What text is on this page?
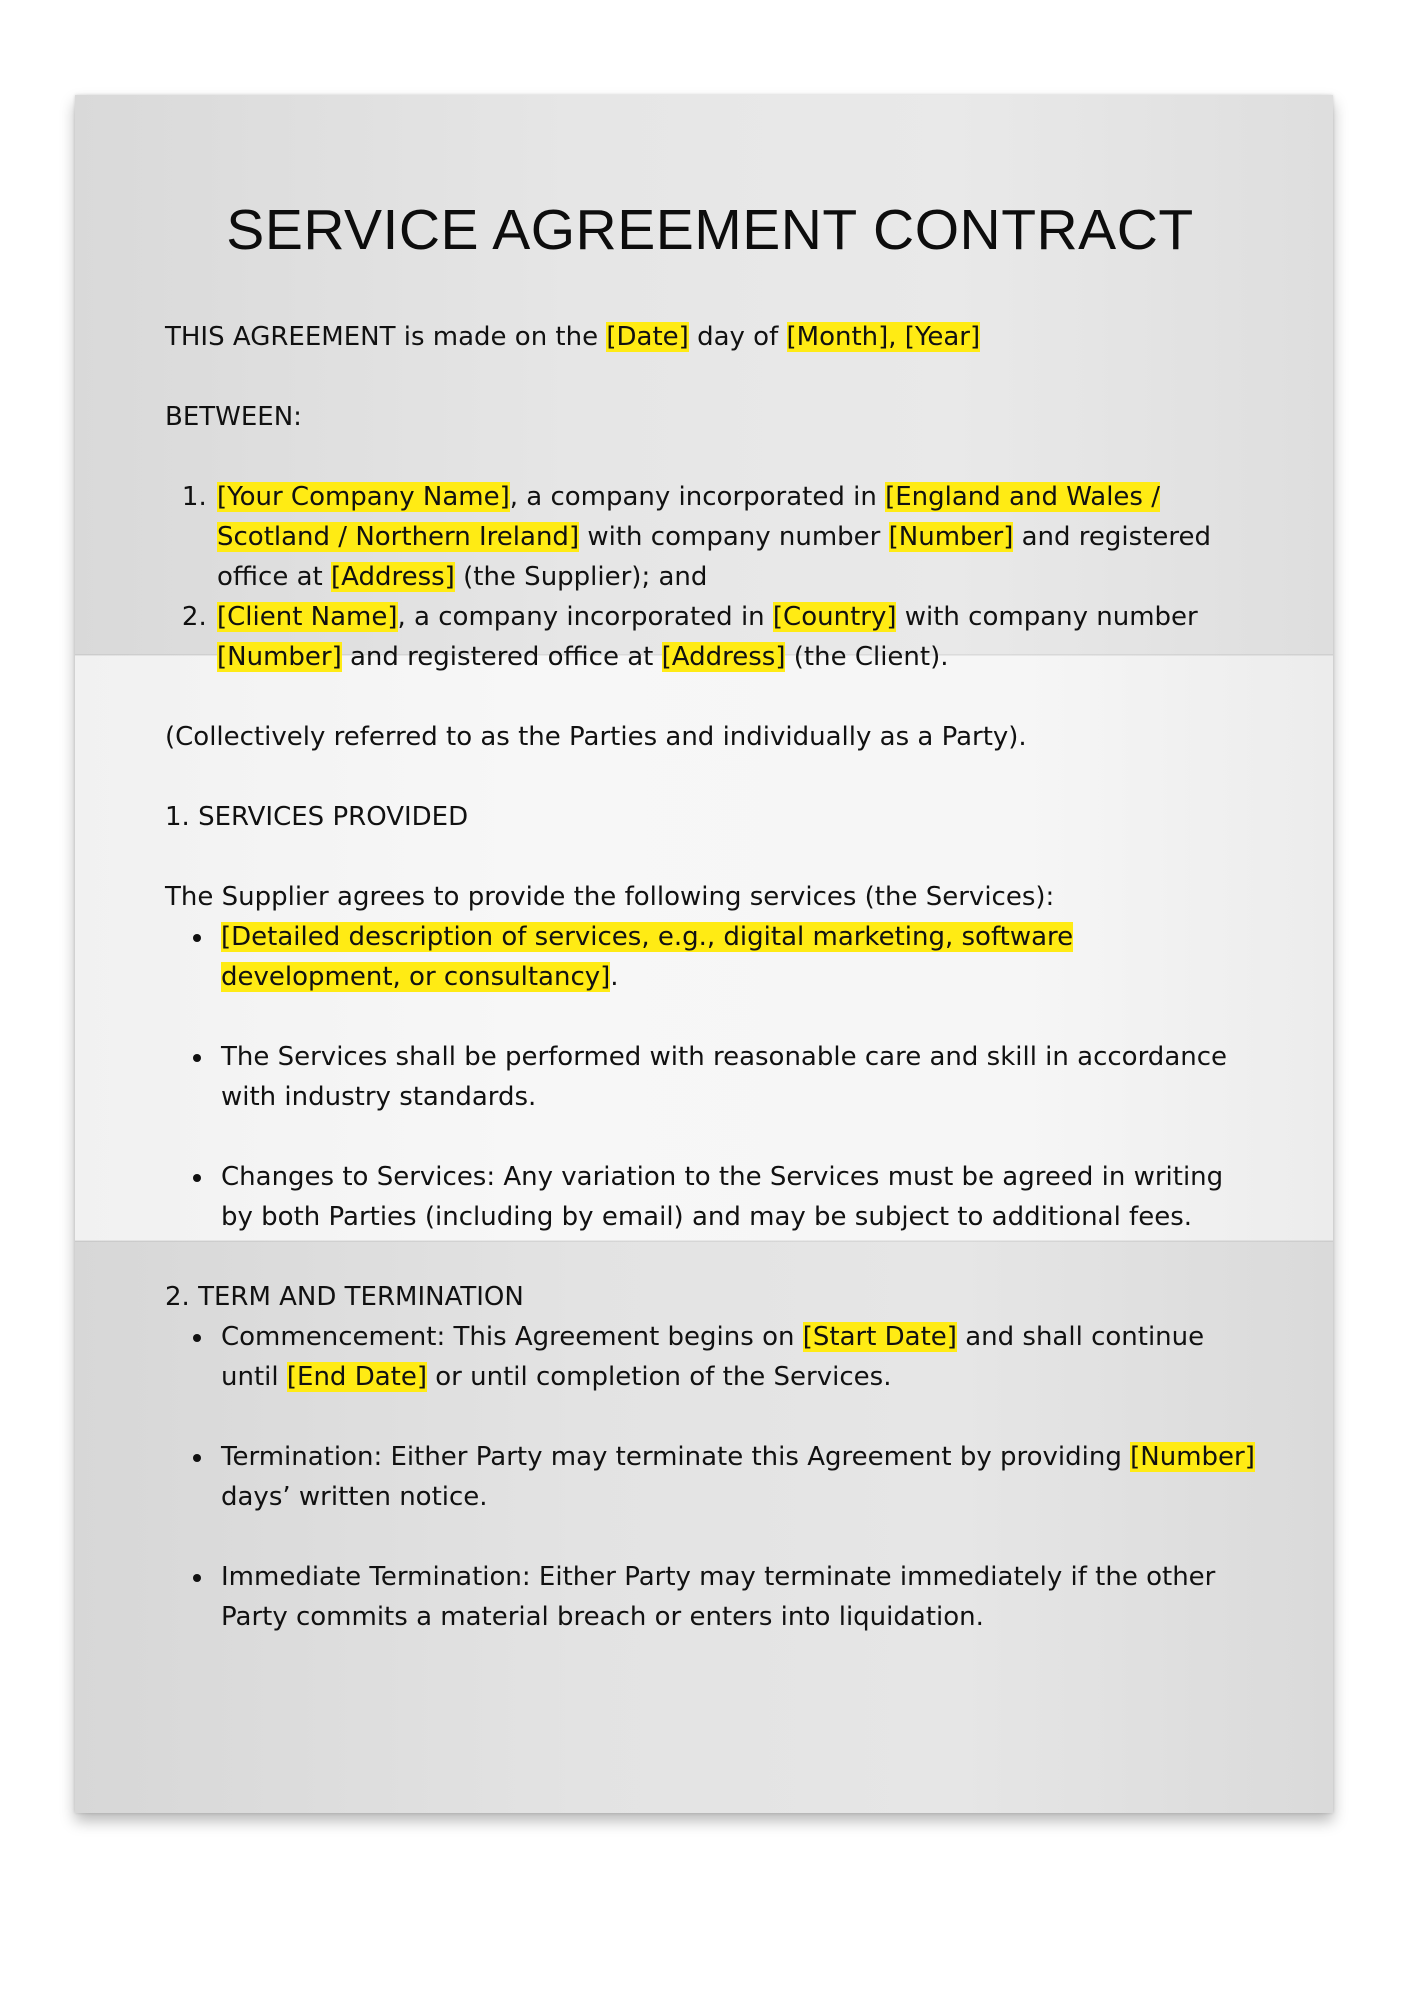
SERVICE AGREEMENT CONTRACT

THIS AGREEMENT is made on the [Date] day of [Month], [Year]

BETWEEN:

1. [Your Company Name], a company incorporated in [England and Wales / Scotland / Northern Ireland] with company number [Number] and registered office at [Address] (the Supplier); and
2. [Client Name], a company incorporated in [Country] with company number [Number] and registered office at [Address] (the Client).

(Collectively referred to as the Parties and individually as a Party).

1. SERVICES PROVIDED

The Supplier agrees to provide the following services (the Services):

• [Detailed description of services, e.g., digital marketing, software development, or consultancy].
• The Services shall be performed with reasonable care and skill in accordance with industry standards.
• Changes to Services: Any variation to the Services must be agreed in writing by both Parties (including by email) and may be subject to additional fees.

2. TERM AND TERMINATION

• Commencement: This Agreement begins on [Start Date] and shall continue until [End Date] or until completion of the Services.
• Termination: Either Party may terminate this Agreement by providing [Number] days’ written notice.
• Immediate Termination: Either Party may terminate immediately if the other Party commits a material breach or enters into liquidation.
